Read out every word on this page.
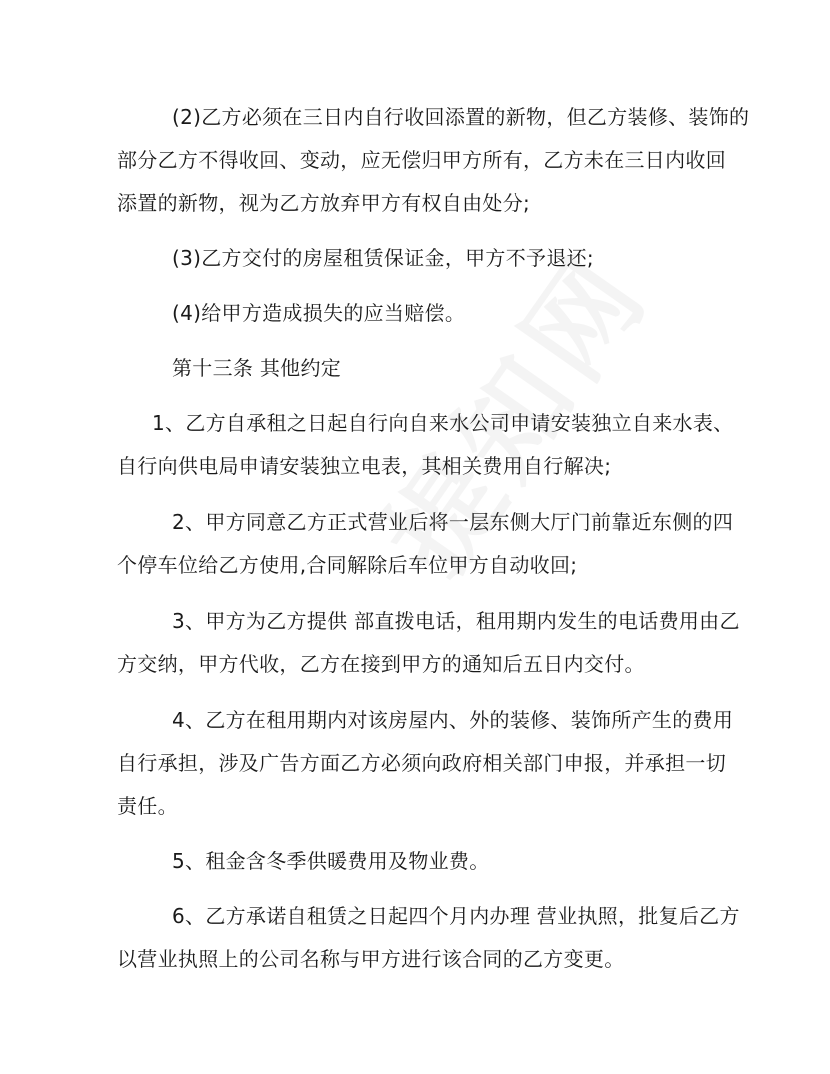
(2)乙方必须在三日内自行收回添置的新物，但乙方装修、装饰的
部分乙方不得收回、变动，应无偿归甲方所有，乙方未在三日内收回
添置的新物，视为乙方放弃甲方有权自由处分;
(3)乙方交付的房屋租赁保证金，甲方不予退还;
(4)给甲方造成损失的应当赔偿。
第十三条 其他约定
1、乙方自承租之日起自行向自来水公司申请安装独立自来水表、
自行向供电局申请安装独立电表，其相关费用自行解决;
2、甲方同意乙方正式营业后将一层东侧大厅门前靠近东侧的四
个停车位给乙方使用,合同解除后车位甲方自动收回;
3、甲方为乙方提供 部直拨电话，租用期内发生的电话费用由乙
方交纳，甲方代收，乙方在接到甲方的通知后五日内交付。
4、乙方在租用期内对该房屋内、外的装修、装饰所产生的费用
自行承担，涉及广告方面乙方必须向政府相关部门申报，并承担一切
责任。
5、租金含冬季供暖费用及物业费。
6、乙方承诺自租赁之日起四个月内办理 营业执照，批复后乙方
以营业执照上的公司名称与甲方进行该合同的乙方变更。
